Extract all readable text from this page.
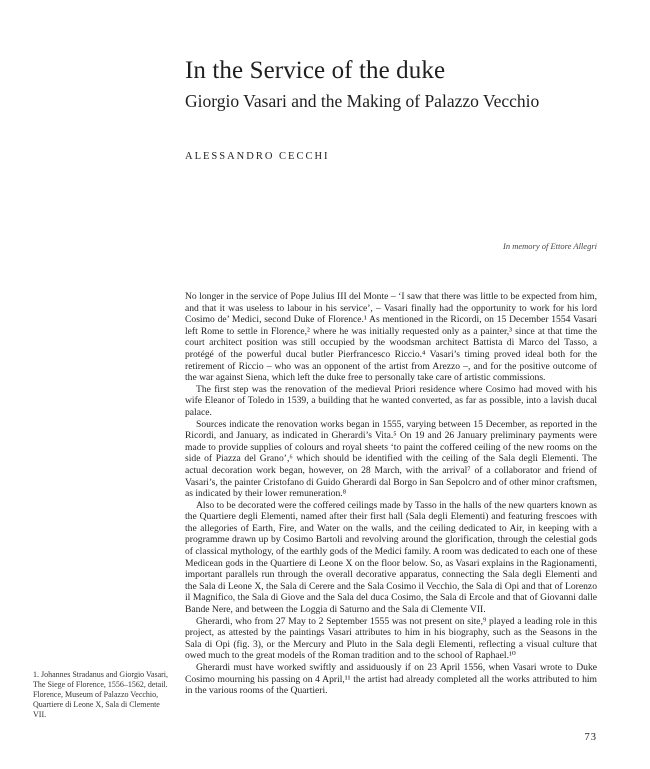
In the Service of the duke
Giorgio Vasari and the Making of Palazzo Vecchio
ALESSANDRO CECCHI
In memory of Ettore Allegri

No longer in the service of Pope Julius III del Monte – ‘I saw that there was little to be expected from him, and that it was useless to labour in his service’, – Vasari finally had the opportunity to work for his lord Cosimo de’ Medici, second Duke of Florence.¹ As mentioned in the Ricordi, on 15 December 1554 Vasari left Rome to settle in Florence,² where he was initially requested only as a painter,³ since at that time the court architect position was still occupied by the woodsman architect Battista di Marco del Tasso, a protégé of the powerful ducal butler Pierfrancesco Riccio.⁴ Vasari’s timing proved ideal both for the retirement of Riccio – who was an opponent of the artist from Arezzo –, and for the positive outcome of the war against Siena, which left the duke free to personally take care of artistic commissions.

The first step was the renovation of the medieval Priori residence where Cosimo had moved with his wife Eleanor of Toledo in 1539, a building that he wanted converted, as far as possible, into a lavish ducal palace.

Sources indicate the renovation works began in 1555, varying between 15 December, as reported in the Ricordi, and January, as indicated in Gherardi’s Vita.⁵ On 19 and 26 January preliminary payments were made to provide supplies of colours and royal sheets ‘to paint the coffered ceiling of the new rooms on the side of Piazza del Grano’,⁶ which should be identified with the ceiling of the Sala degli Elementi. The actual decoration work began, however, on 28 March, with the arrival⁷ of a collaborator and friend of Vasari’s, the painter Cristofano di Guido Gherardi dal Borgo in San Sepolcro and of other minor craftsmen, as indicated by their lower remuneration.⁸

Also to be decorated were the coffered ceilings made by Tasso in the halls of the new quarters known as the Quartiere degli Elementi, named after their first hall (Sala degli Elementi) and featuring frescoes with the allegories of Earth, Fire, and Water on the walls, and the ceiling dedicated to Air, in keeping with a programme drawn up by Cosimo Bartoli and revolving around the glorification, through the celestial gods of classical mythology, of the earthly gods of the Medici family. A room was dedicated to each one of these Medicean gods in the Quartiere di Leone X on the floor below. So, as Vasari explains in the Ragionamenti, important parallels run through the overall decorative apparatus, connecting the Sala degli Elementi and the Sala di Leone X, the Sala di Cerere and the Sala Cosimo il Vecchio, the Sala di Opi and that of Lorenzo il Magnifico, the Sala di Giove and the Sala del duca Cosimo, the Sala di Ercole and that of Giovanni dalle Bande Nere, and between the Loggia di Saturno and the Sala di Clemente VII.

Gherardi, who from 27 May to 2 September 1555 was not present on site,⁹ played a leading role in this project, as attested by the paintings Vasari attributes to him in his biography, such as the Seasons in the Sala di Opi (fig. 3), or the Mercury and Pluto in the Sala degli Elementi, reflecting a visual culture that owed much to the great models of the Roman tradition and to the school of Raphael.¹⁰

Gherardi must have worked swiftly and assiduously if on 23 April 1556, when Vasari wrote to Duke Cosimo mourning his passing on 4 April,¹¹ the artist had already completed all the works attributed to him in the various rooms of the Quartieri.

1. Johannes Stradanus and Giorgio Vasari, The Siege of Florence, 1556–1562, detail. Florence, Museum of Palazzo Vecchio, Quartiere di Leone X, Sala di Clemente VII.
73
